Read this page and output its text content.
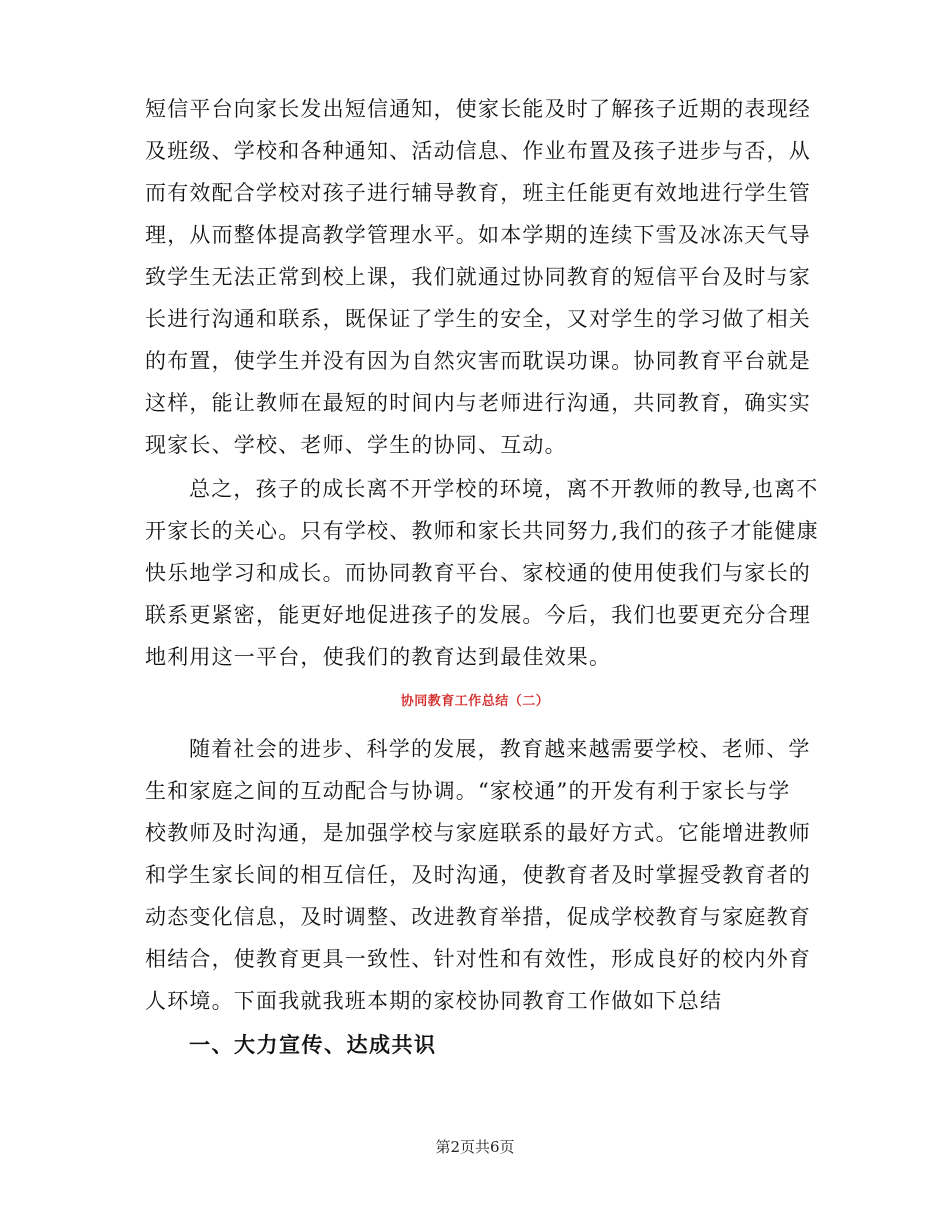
短信平台向家长发出短信通知，使家长能及时了解孩子近期的表现经
及班级、学校和各种通知、活动信息、作业布置及孩子进步与否，从
而有效配合学校对孩子进行辅导教育，班主任能更有效地进行学生管
理，从而整体提高教学管理水平。如本学期的连续下雪及冰冻天气导
致学生无法正常到校上课，我们就通过协同教育的短信平台及时与家
长进行沟通和联系，既保证了学生的安全，又对学生的学习做了相关
的布置，使学生并没有因为自然灾害而耽误功课。协同教育平台就是
这样，能让教师在最短的时间内与老师进行沟通，共同教育，确实实
现家长、学校、老师、学生的协同、互动。
总之，孩子的成长离不开学校的环境，离不开教师的教导,也离不
开家长的关心。只有学校、教师和家长共同努力,我们的孩子才能健康
快乐地学习和成长。而协同教育平台、家校通的使用使我们与家长的
联系更紧密，能更好地促进孩子的发展。今后，我们也要更充分合理
地利用这一平台，使我们的教育达到最佳效果。
协同教育工作总结（二）
随着社会的进步、科学的发展，教育越来越需要学校、老师、学
生和家庭之间的互动配合与协调。“家校通”的开发有利于家长与学
校教师及时沟通，是加强学校与家庭联系的最好方式。它能增进教师
和学生家长间的相互信任，及时沟通，使教育者及时掌握受教育者的
动态变化信息，及时调整、改进教育举措，促成学校教育与家庭教育
相结合，使教育更具一致性、针对性和有效性，形成良好的校内外育
人环境。下面我就我班本期的家校协同教育工作做如下总结
一、大力宣传、达成共识
第2页共6页
